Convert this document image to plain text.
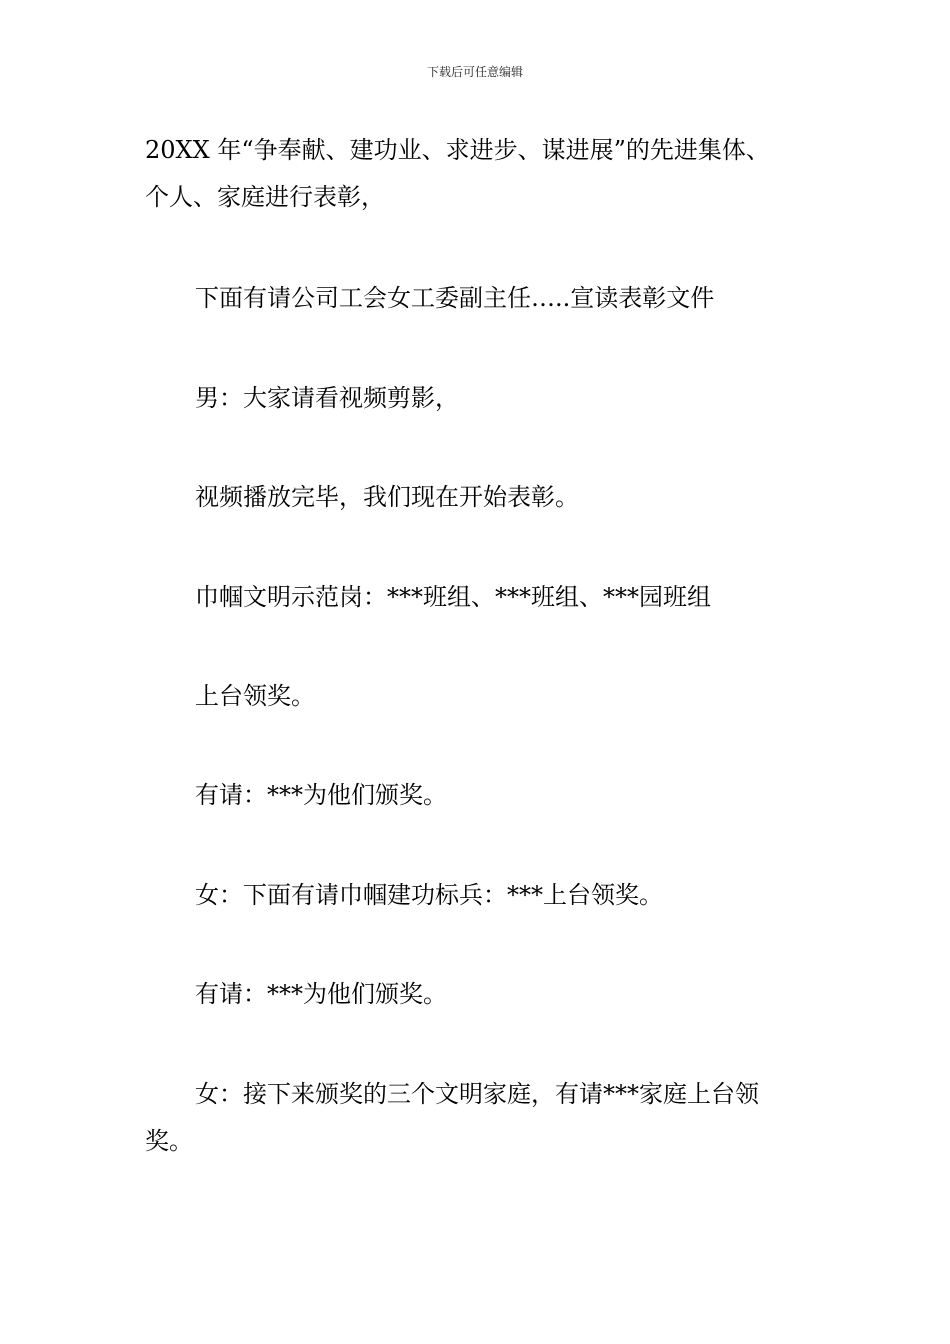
下载后可任意编辑
20XX 年“争奉献、建功业、求进步、谋进展”的先进集体、
个人、家庭进行表彰，
下面有请公司工会女工委副主任…..宣读表彰文件
男：大家请看视频剪影，
视频播放完毕，我们现在开始表彰。
巾帼文明示范岗：***班组、***班组、***园班组
上台领奖。
有请：***为他们颁奖。
女：下面有请巾帼建功标兵：***上台领奖。
有请：***为他们颁奖。
女：接下来颁奖的三个文明家庭，有请***家庭上台领
奖。
